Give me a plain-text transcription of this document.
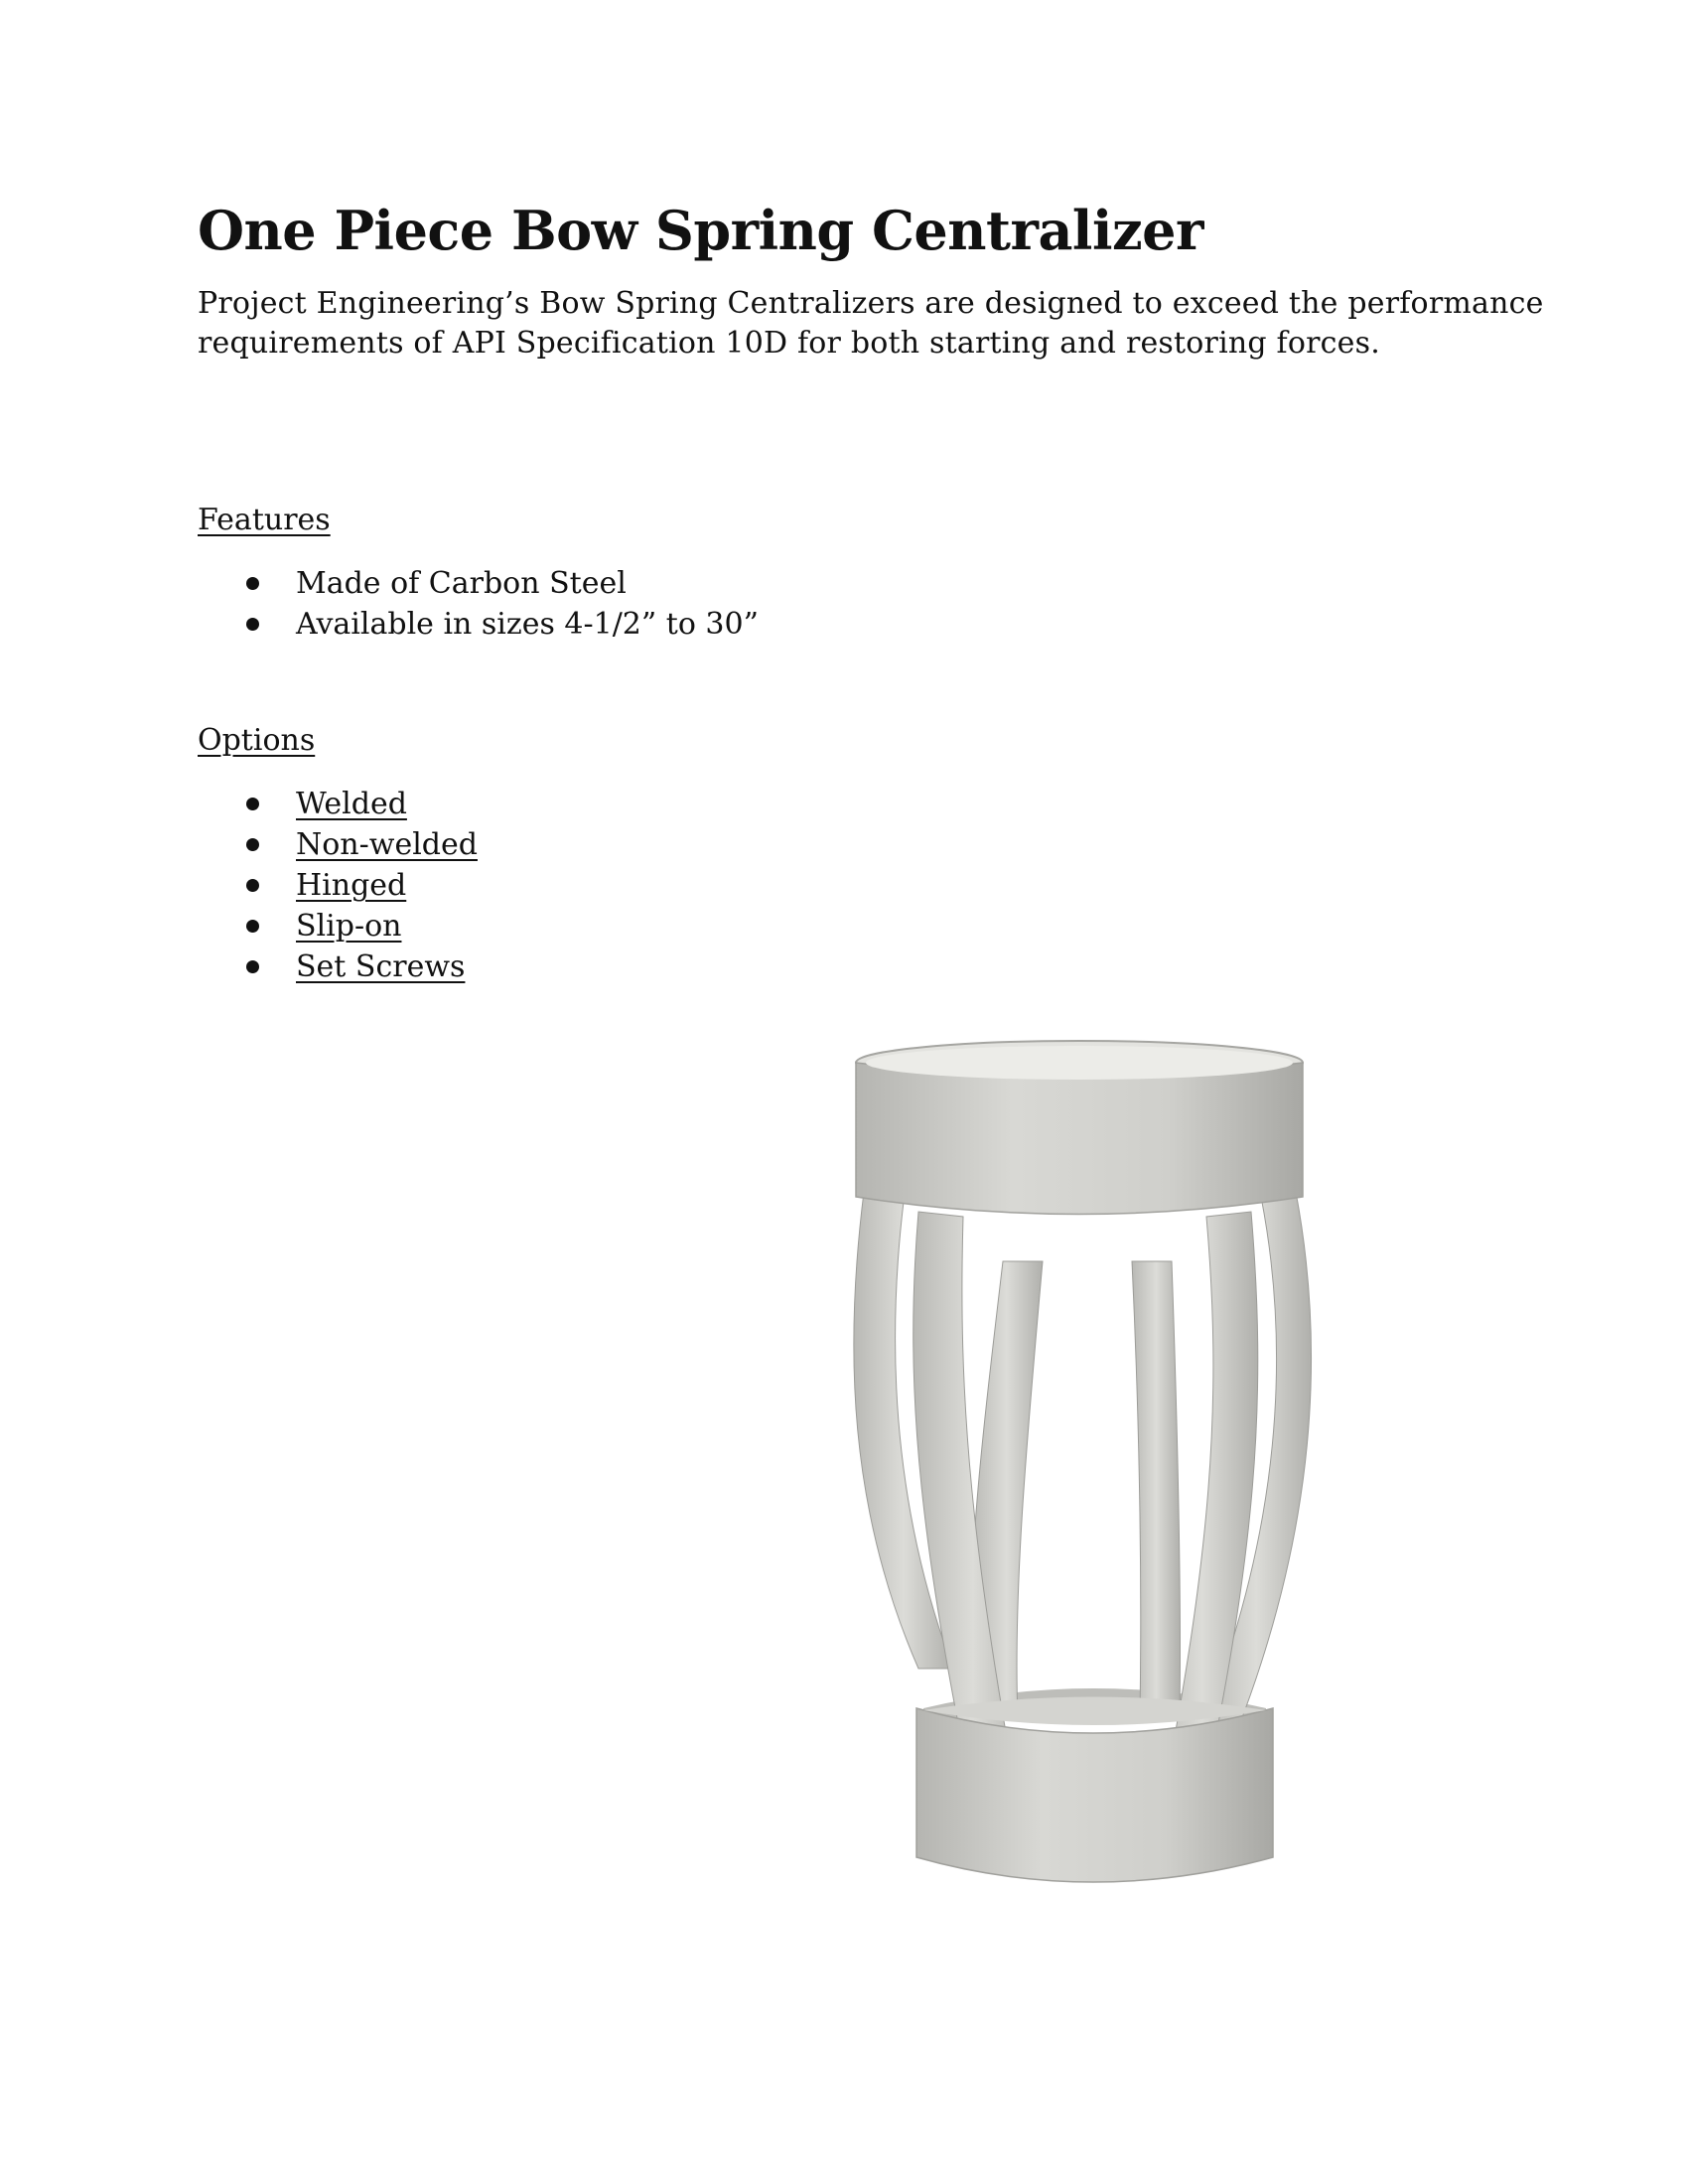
One Piece Bow Spring Centralizer

Project Engineering’s Bow Spring Centralizers are designed to exceed the performance
requirements of API Specification 10D for both starting and restoring forces.

Features
Made of Carbon Steel
Available in sizes 4-1/2” to 30”
Options
Welded
Non-welded
Hinged
Slip-on
Set Screws
